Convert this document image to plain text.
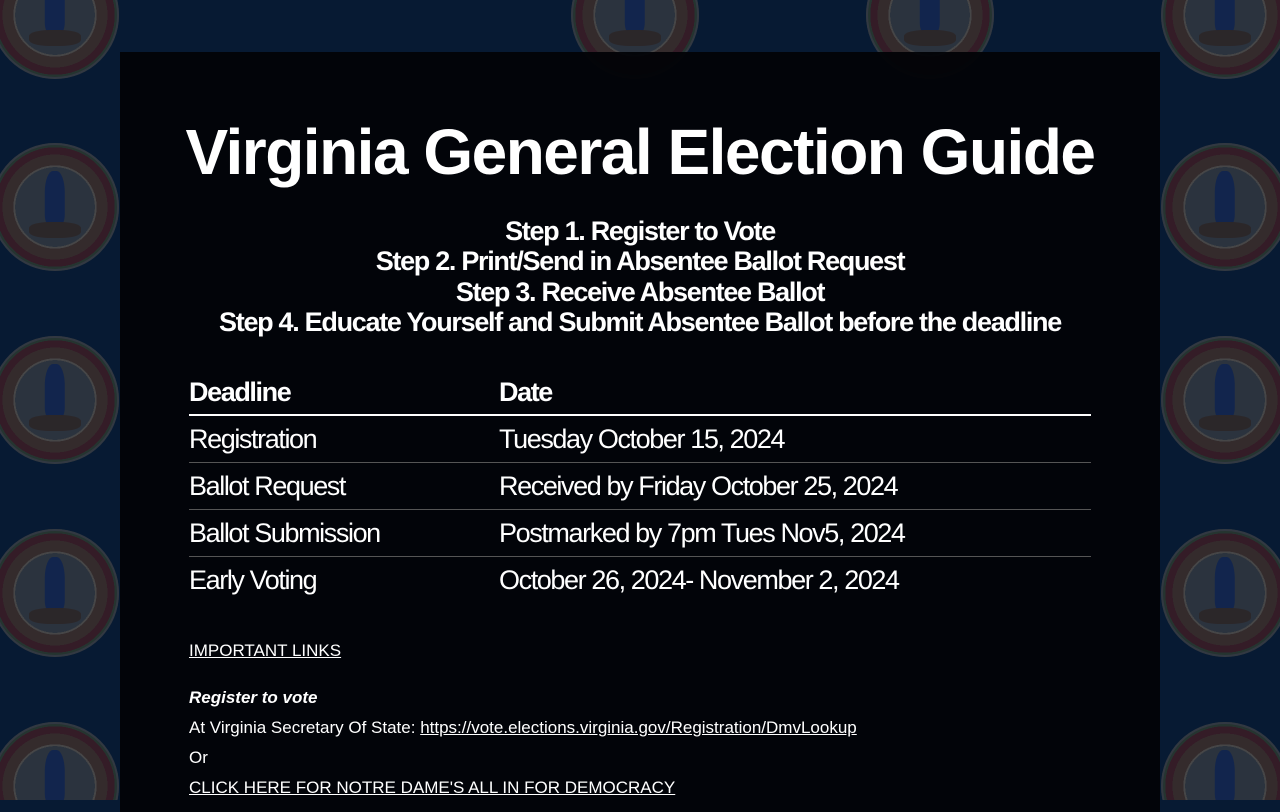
Virginia General Election Guide
Step 1. Register to Vote
Step 2. Print/Send in Absentee Ballot Request
Step 3. Receive Absentee Ballot
Step 4. Educate Yourself and Submit Absentee Ballot before the deadline
Deadline	Date
Registration	Tuesday October 15, 2024
Ballot Request	Received by Friday October 25, 2024
Ballot Submission	Postmarked by 7pm Tues Nov5, 2024
Early Voting	October 26, 2024- November 2, 2024
IMPORTANT LINKS
Register to vote
At Virginia Secretary Of State: https://vote.elections.virginia.gov/Registration/DmvLookup
Or
CLICK HERE FOR NOTRE DAME'S ALL IN FOR DEMOCRACY
